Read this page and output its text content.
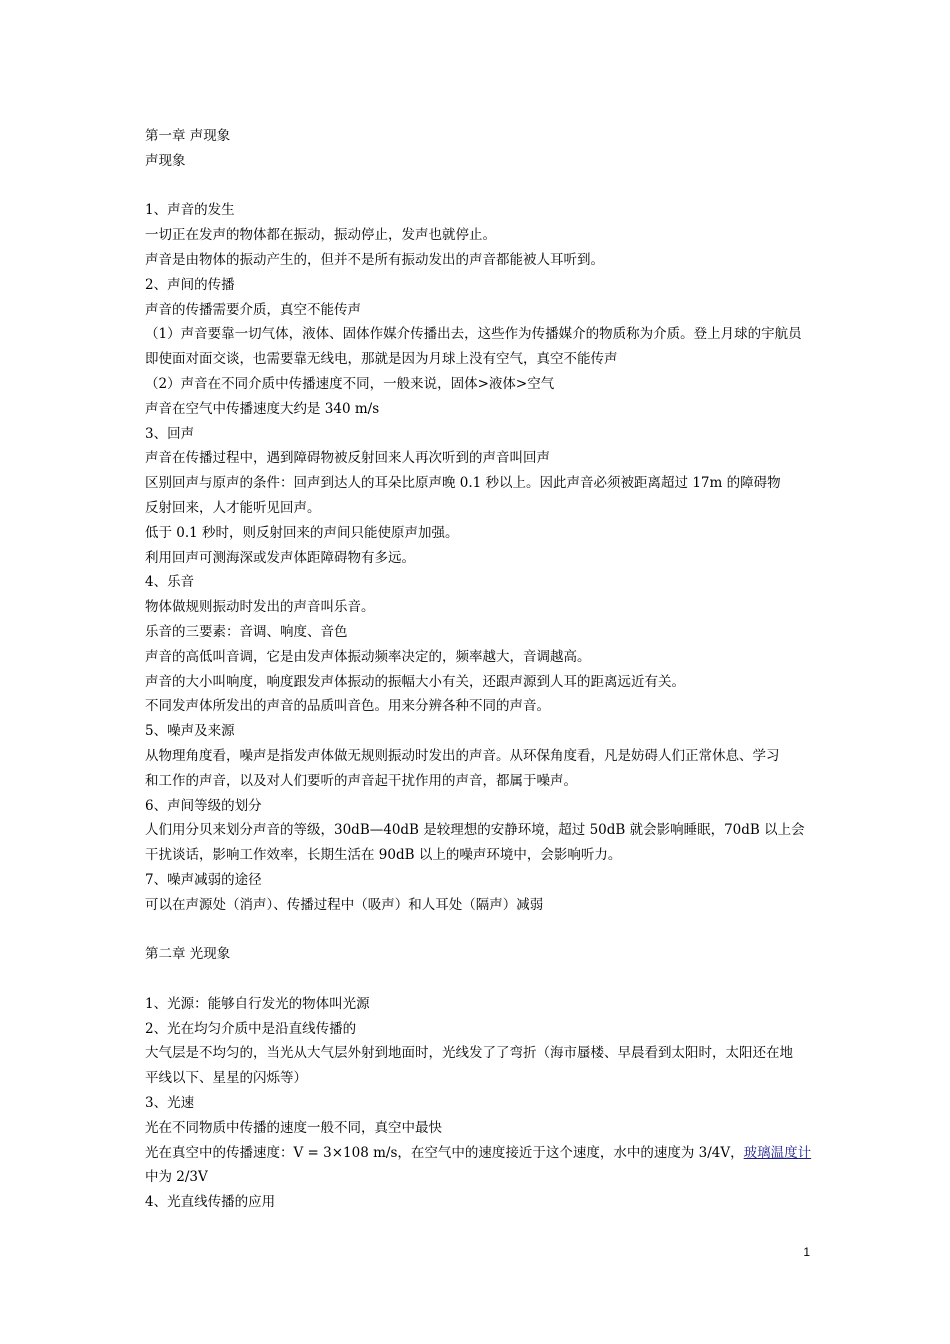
第一章 声现象
声现象
1、声音的发生
一切正在发声的物体都在振动，振动停止，发声也就停止。
声音是由物体的振动产生的，但并不是所有振动发出的声音都能被人耳听到。
2、声间的传播
声音的传播需要介质，真空不能传声
（1）声音要靠一切气体，液体、固体作媒介传播出去，这些作为传播媒介的物质称为介质。登上月球的宇航员
即使面对面交谈，也需要靠无线电，那就是因为月球上没有空气，真空不能传声
（2）声音在不同介质中传播速度不同，一般来说，固体>液体>空气
声音在空气中传播速度大约是 340 m/s
3、回声
声音在传播过程中，遇到障碍物被反射回来人再次听到的声音叫回声
区别回声与原声的条件：回声到达人的耳朵比原声晚 0.1 秒以上。因此声音必须被距离超过 17m 的障碍物
反射回来，人才能听见回声。
低于 0.1 秒时，则反射回来的声间只能使原声加强。
利用回声可测海深或发声体距障碍物有多远。
4、乐音
物体做规则振动时发出的声音叫乐音。
乐音的三要素：音调、响度、音色
声音的高低叫音调，它是由发声体振动频率决定的，频率越大，音调越高。
声音的大小叫响度，响度跟发声体振动的振幅大小有关，还跟声源到人耳的距离远近有关。
不同发声体所发出的声音的品质叫音色。用来分辨各种不同的声音。
5、噪声及来源
从物理角度看，噪声是指发声体做无规则振动时发出的声音。从环保角度看，凡是妨碍人们正常休息、学习
和工作的声音，以及对人们要听的声音起干扰作用的声音，都属于噪声。
6、声间等级的划分
人们用分贝来划分声音的等级，30dB—40dB 是较理想的安静环境，超过 50dB 就会影响睡眠，70dB 以上会
干扰谈话，影响工作效率，长期生活在 90dB 以上的噪声环境中，会影响听力。
7、噪声减弱的途径
可以在声源处（消声）、传播过程中（吸声）和人耳处（隔声）减弱
第二章 光现象
1、光源：能够自行发光的物体叫光源
2、光在均匀介质中是沿直线传播的
大气层是不均匀的，当光从大气层外射到地面时，光线发了了弯折（海市蜃楼、早晨看到太阳时，太阳还在地
平线以下、星星的闪烁等）
3、光速
光在不同物质中传播的速度一般不同，真空中最快
光在真空中的传播速度：V = 3×108 m/s，在空气中的速度接近于这个速度，水中的速度为 3/4V，玻璃温度计
中为 2/3V
4、光直线传播的应用
1
